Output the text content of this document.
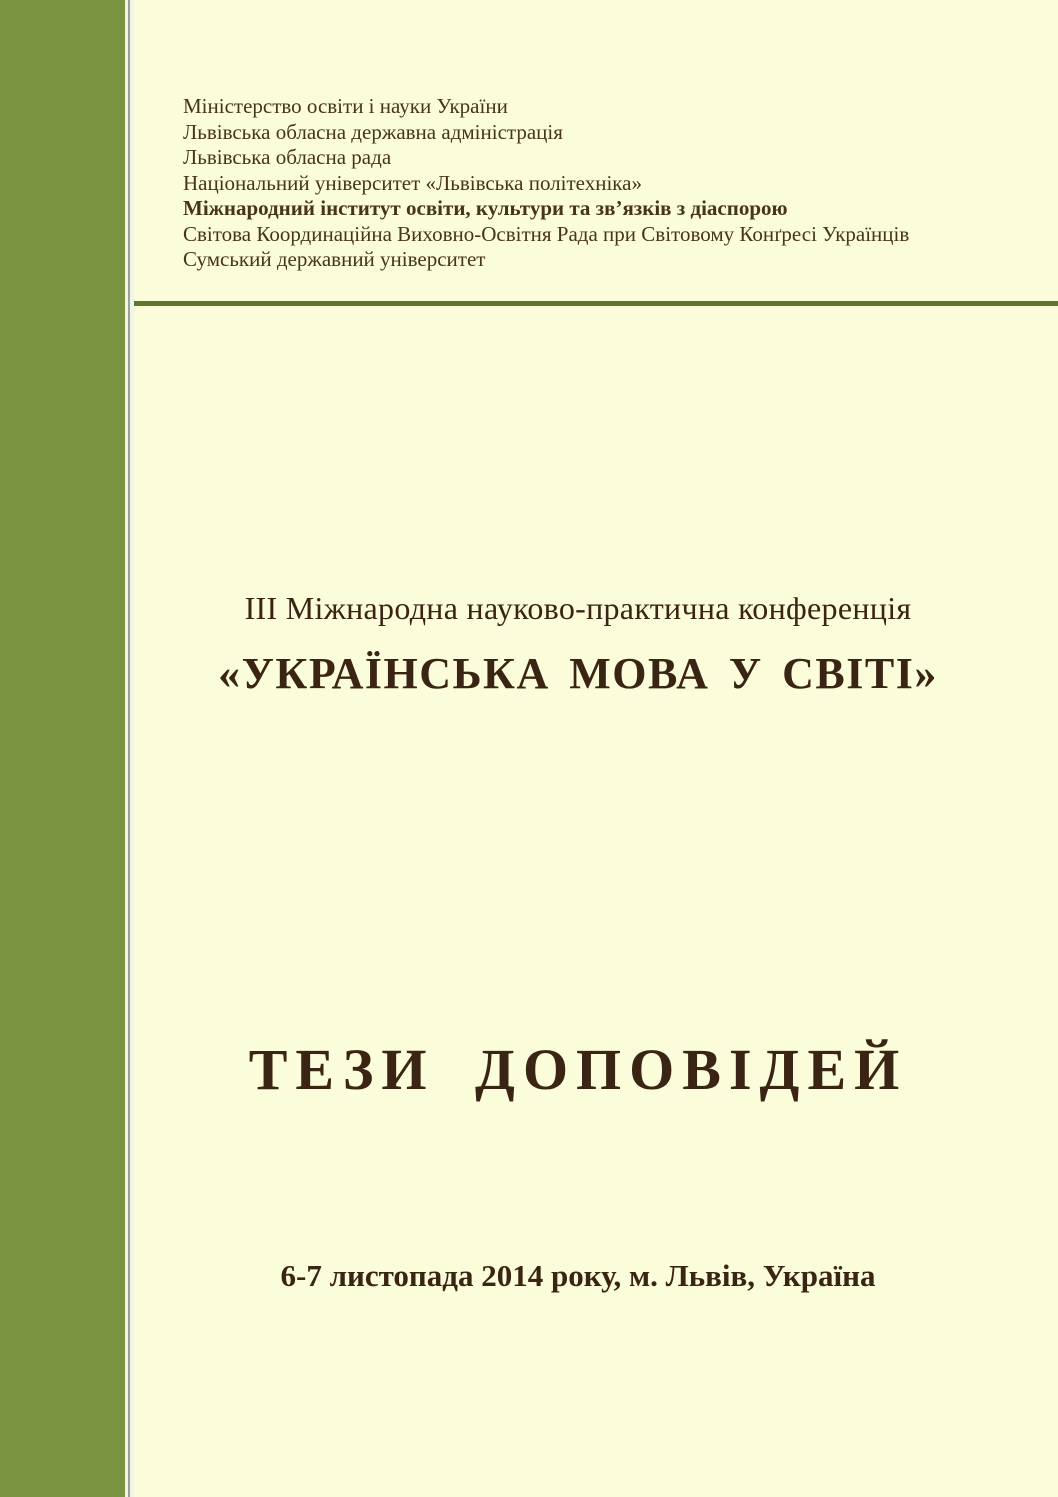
Міністерство освіти і науки України
Львівська обласна державна адміністрація
Львівська обласна рада
Національний університет «Львівська політехніка»
Міжнародний інститут освіти, культури та зв’язків з діаспорою
Світова Координаційна Виховно-Освітня Рада при Світовому Конґресі Українців
Сумський державний університет
ІІІ Міжнародна науково-практична конференція
«УКРАЇНСЬКА МОВА У СВІТІ»
ТЕЗИ ДОПОВІДЕЙ
6-7 листопада 2014 року, м. Львів, Україна
